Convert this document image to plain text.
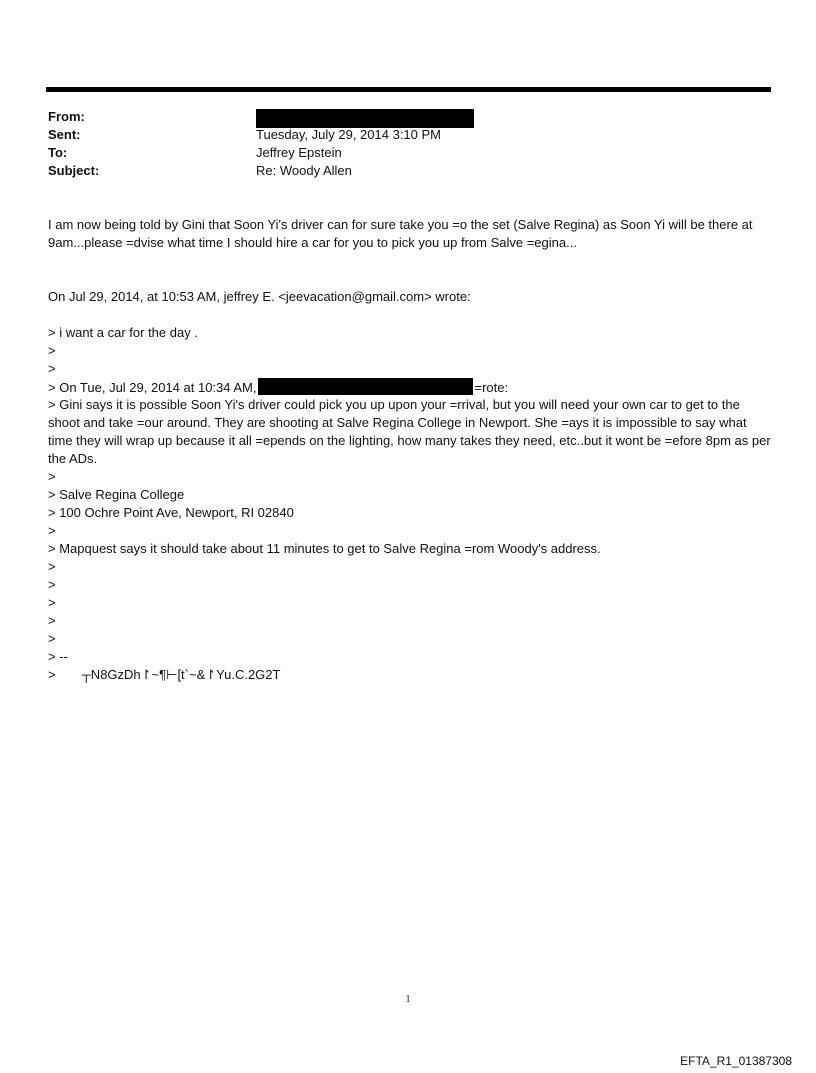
From:
Sent:	Tuesday, July 29, 2014 3:10 PM
To:	Jeffrey Epstein
Subject:	Re: Woody Allen

I am now being told by Gini that Soon Yi's driver can for sure take you =o the set (Salve Regina) as Soon Yi will be there at 9am...please =dvise what time I should hire a car for you to pick you up from Salve =egina...

On Jul 29, 2014, at 10:53 AM, jeffrey E. <jeevacation@gmail.com> wrote:

> i want a car for the day .
>
>
> On Tue, Jul 29, 2014 at 10:34 AM,	=rote:
> Gini says it is possible Soon Yi's driver could pick you up upon your =rrival, but you will need your own car to get to the shoot and take =our around. They are shooting at Salve Regina College in Newport. She =ays it is impossible to say what time they will wrap up because it all =epends on the lighting, how many takes they need, etc..but it wont be =efore 8pm as per the ADs.
>
> Salve Regina College
> 100 Ochre Point Ave, Newport, RI 02840
>
> Mapquest says it should take about 11 minutes to get to Salve Regina =rom Woody's address.
>
>
>
>
>
> --
> ┬N8GzDh↾~¶⊢[t`~&↾Yu.C.2G2T
1
EFTA_R1_01387308
